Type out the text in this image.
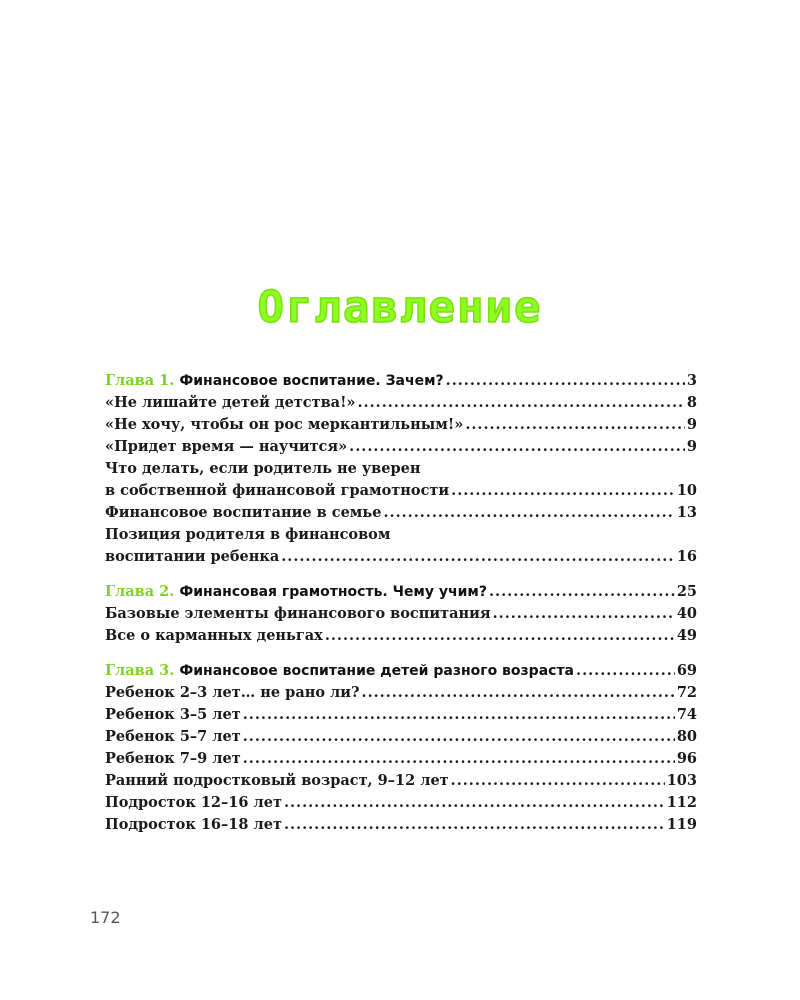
Оглавление
Глава 1. Финансовое воспитание. Зачем? .....	3
«Не лишайте детей детства!» .....	8
«Не хочу, чтобы он рос меркантильным!» .....	9
«Придет время — научится» .....	9
Что делать, если родитель не уверен
в собственной финансовой грамотности .....	10
Финансовое воспитание в семье .....	13
Позиция родителя в финансовом
воспитании ребенка .....	16
Глава 2. Финансовая грамотность. Чему учим? .....	25
Базовые элементы финансового воспитания .....	40
Все о карманных деньгах .....	49
Глава 3. Финансовое воспитание детей разного возраста .....	69
Ребенок 2–3 лет… не рано ли? .....	72
Ребенок 3–5 лет .....	74
Ребенок 5–7 лет .....	80
Ребенок 7–9 лет .....	96
Ранний подростковый возраст, 9–12 лет .....	103
Подросток 12–16 лет .....	112
Подросток 16–18 лет .....	119
172
